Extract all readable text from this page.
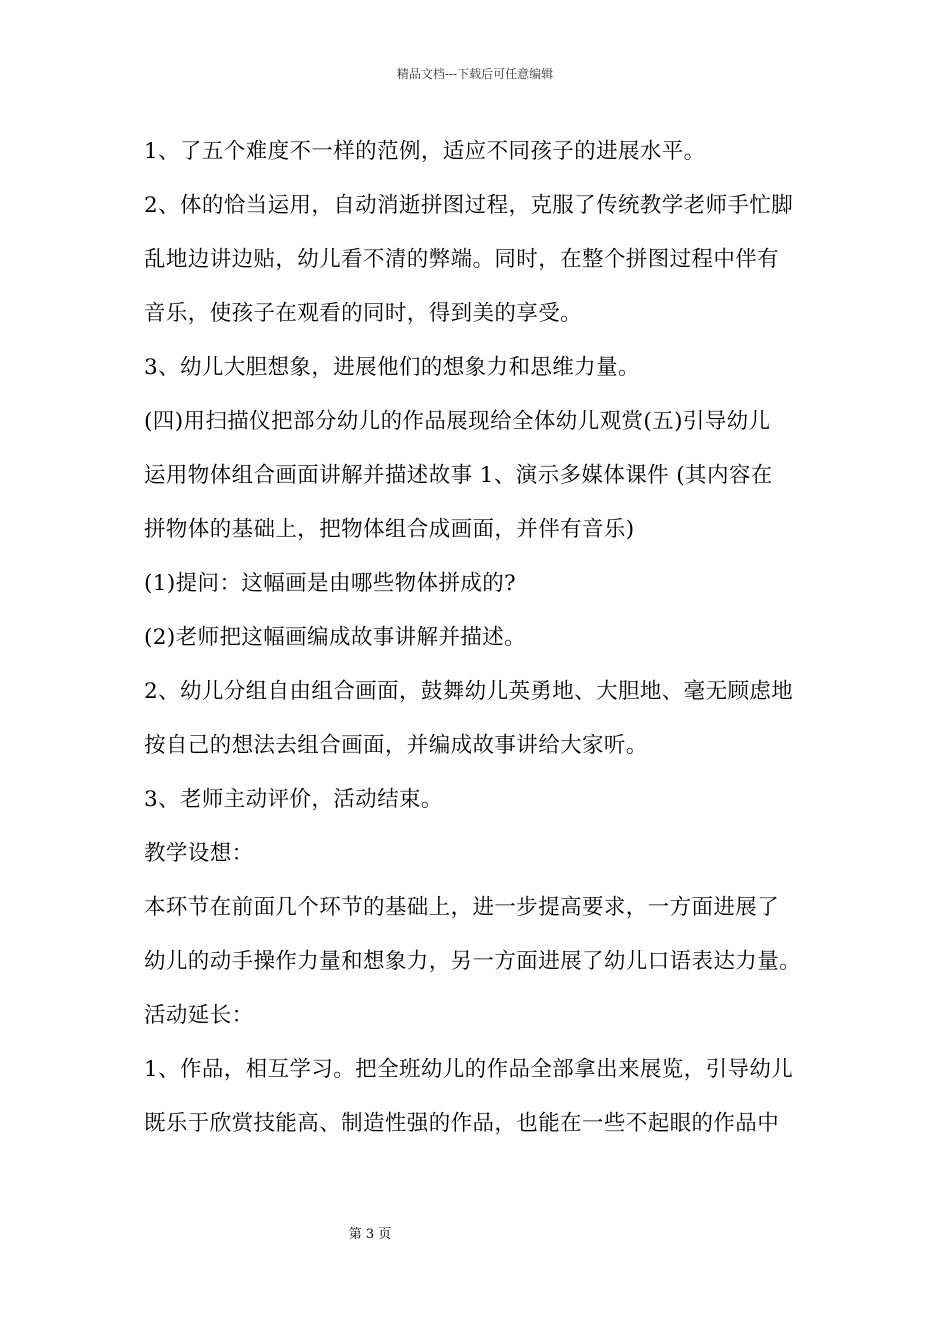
精品文档---下载后可任意编辑
1、了五个难度不一样的范例，适应不同孩子的进展水平。
2、体的恰当运用，自动消逝拼图过程，克服了传统教学老师手忙脚
乱地边讲边贴，幼儿看不清的弊端。同时，在整个拼图过程中伴有
音乐，使孩子在观看的同时，得到美的享受。
3、幼儿大胆想象，进展他们的想象力和思维力量。
(四)用扫描仪把部分幼儿的作品展现给全体幼儿观赏(五)引导幼儿
运用物体组合画面讲解并描述故事 1、演示多媒体课件 (其内容在
拼物体的基础上，把物体组合成画面，并伴有音乐)
(1)提问：这幅画是由哪些物体拼成的?
(2)老师把这幅画编成故事讲解并描述。
2、幼儿分组自由组合画面，鼓舞幼儿英勇地、大胆地、毫无顾虑地
按自己的想法去组合画面，并编成故事讲给大家听。
3、老师主动评价，活动结束。
教学设想：
本环节在前面几个环节的基础上，进一步提高要求，一方面进展了
幼儿的动手操作力量和想象力，另一方面进展了幼儿口语表达力量。
活动延长：
1、作品，相互学习。把全班幼儿的作品全部拿出来展览，引导幼儿
既乐于欣赏技能高、制造性强的作品，也能在一些不起眼的作品中
第 3 页
